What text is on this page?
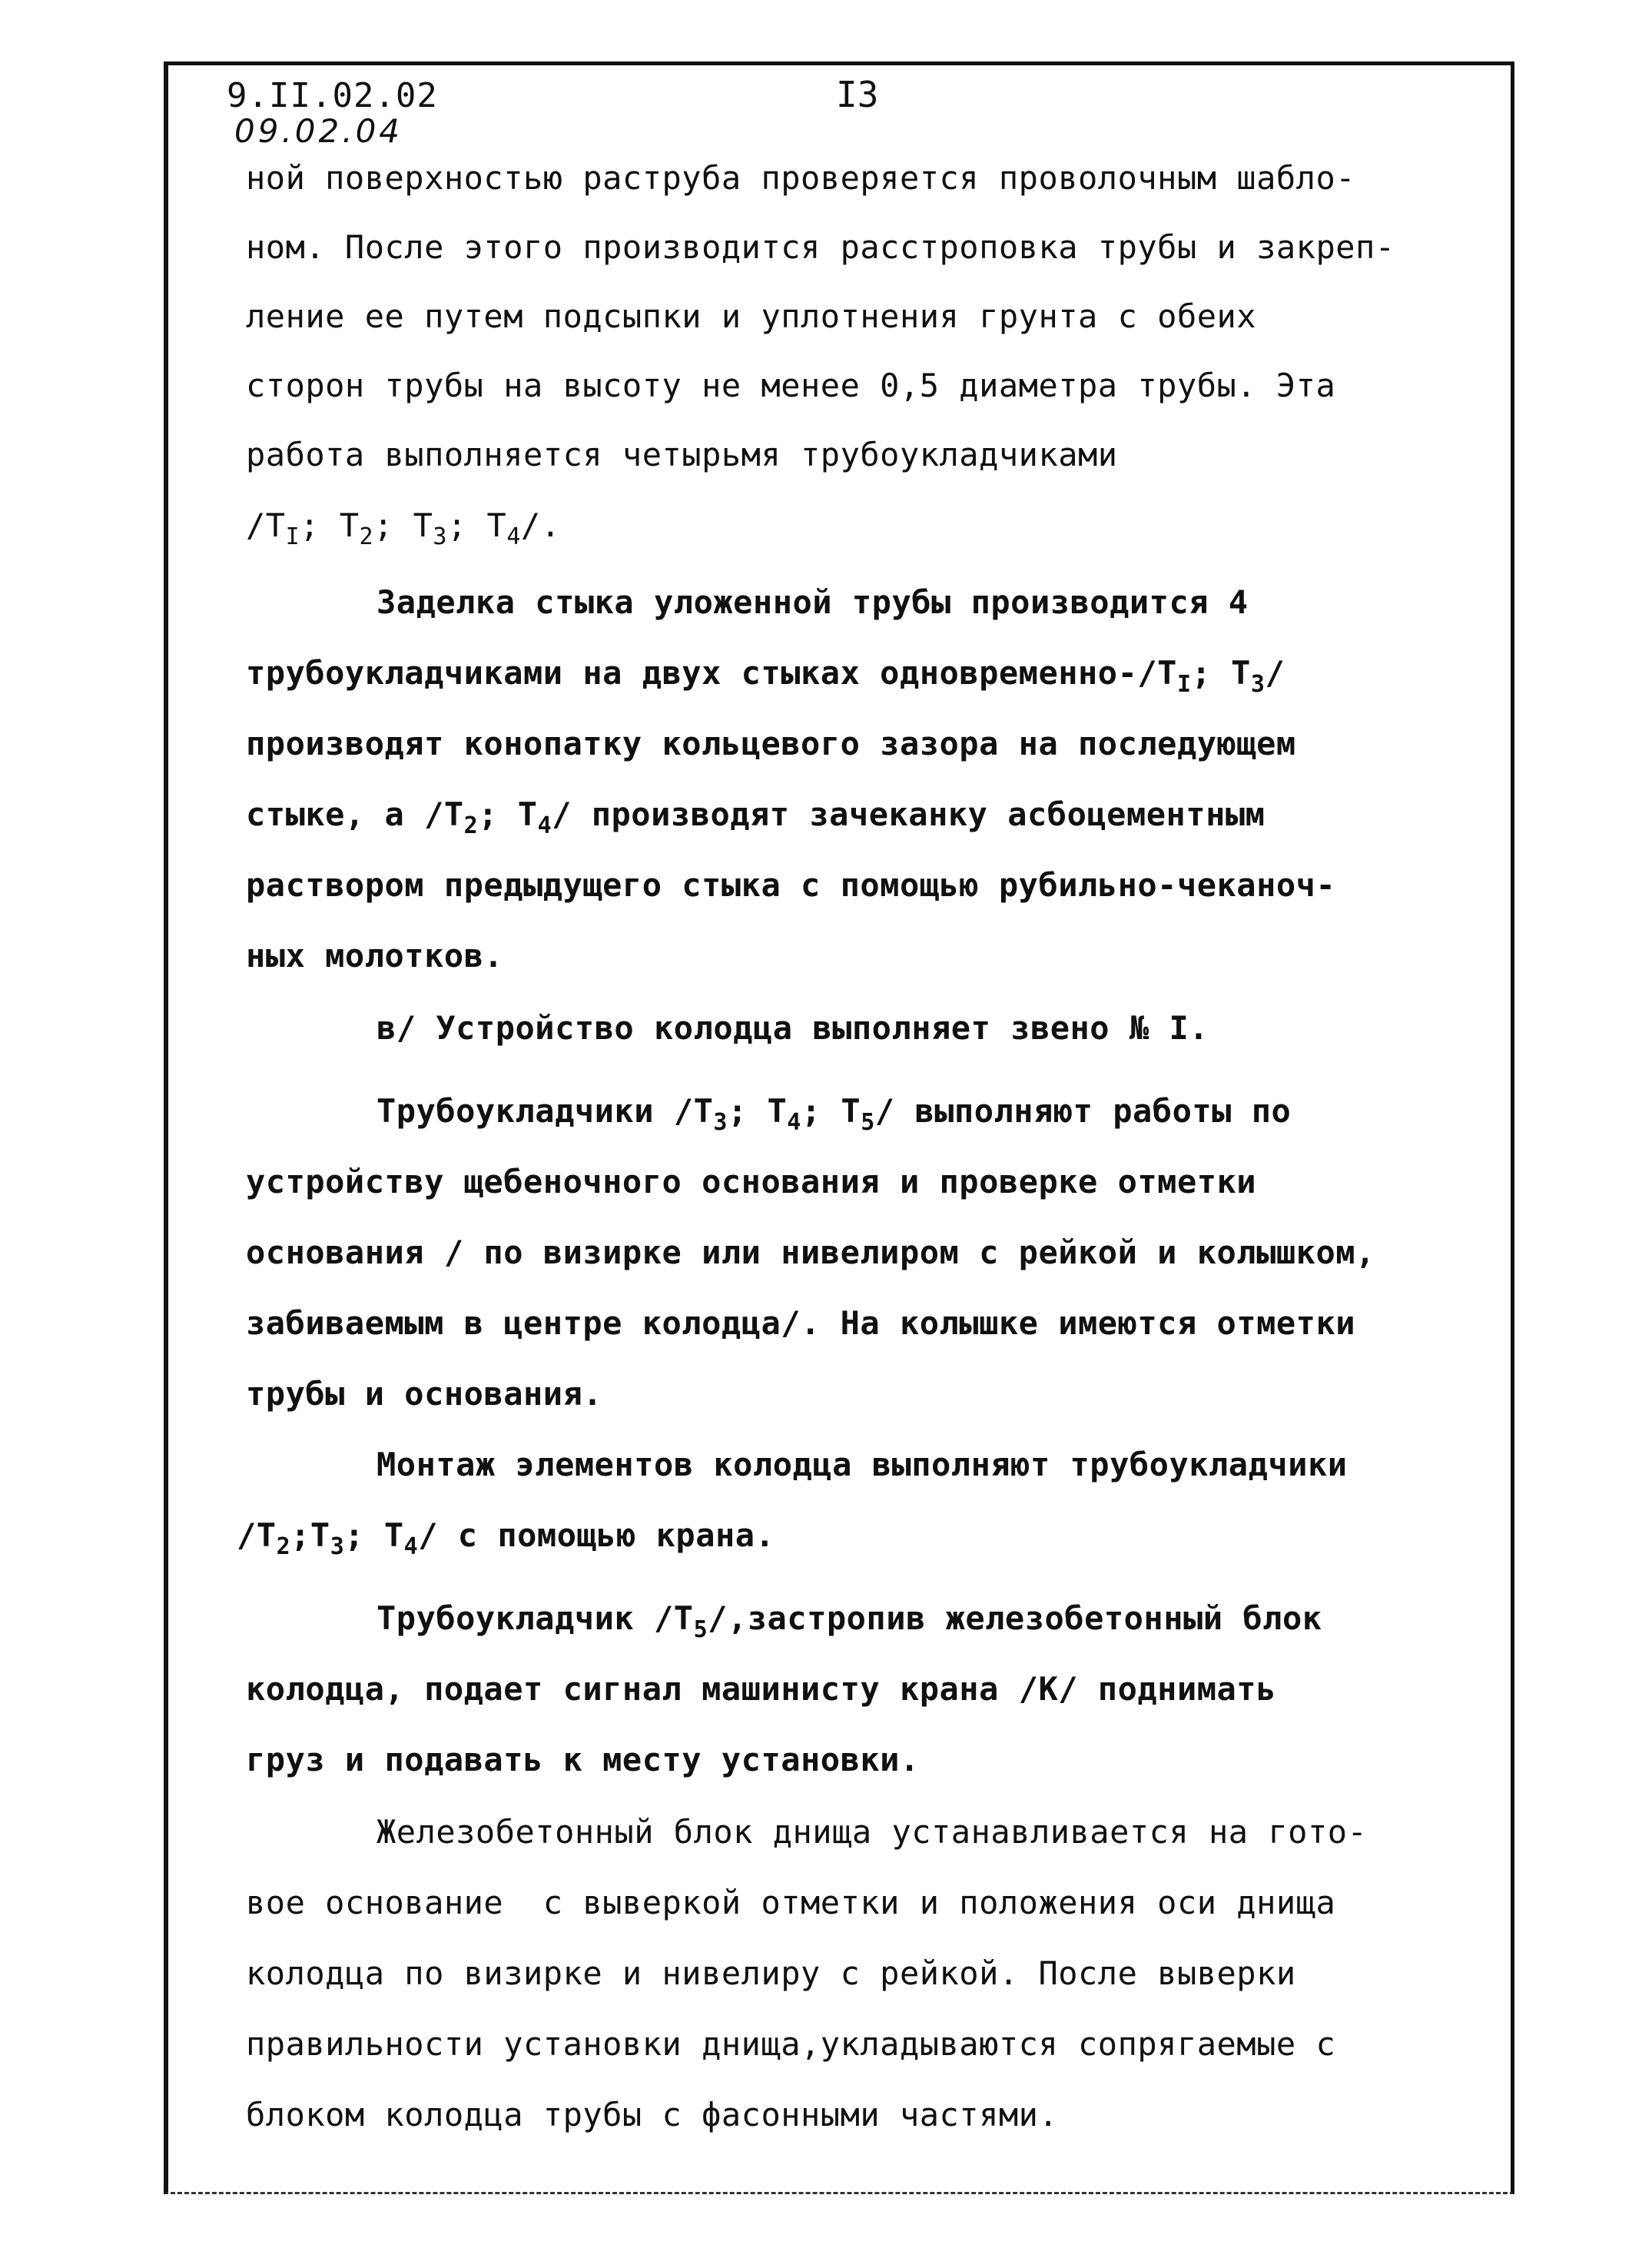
9.II.02.02
09.02.04
I3
ной поверхностью раструба проверяется проволочным шабло-
ном. После этого производится расстроповка трубы и закреп-
ление ее путем подсыпки и уплотнения грунта с обеих
сторон трубы на высоту не менее 0,5 диаметра трубы. Эта
работа выполняется четырьмя трубоукладчиками
$/Т_I$; $Т_2$; $Т_3$; $Т_4/$.
Заделка стыка уложенной трубы производится 4
трубоукладчиками на двух стыках одновременно-$/Т_I$; $Т_3/$
производят конопатку кольцевого зазора на последующем
стыке, а $/Т_2$; $Т_4/$ производят зачеканку асбоцементным
раствором предыдущего стыка с помощью рубильно-чеканоч-
ных молотков.
в/ Устройство колодца выполняет звено № I.
Трубоукладчики $/Т_3$; $Т_4$; $Т_5/$ выполняют работы по
устройству щебеночного основания и проверке отметки
основания / по визирке или нивелиром с рейкой и колышком,
забиваемым в центре колодца/. На колышке имеются отметки
трубы и основания.
Монтаж элементов колодца выполняют трубоукладчики
$/Т_2;Т_3$; $Т_4/$ с помощью крана.
Трубоукладчик $/Т_5/,застропив$ железобетонный блок
колодца, подает сигнал машинисту крана /К/ поднимать
груз и подавать к месту установки.
Железобетонный блок днища устанавливается на гото-
вое основание  с выверкой отметки и положения оси днища
колодца по визирке и нивелиру с рейкой. После выверки
правильности установки днища,укладываются сопрягаемые с
блоком колодца трубы с фасонными частями.
